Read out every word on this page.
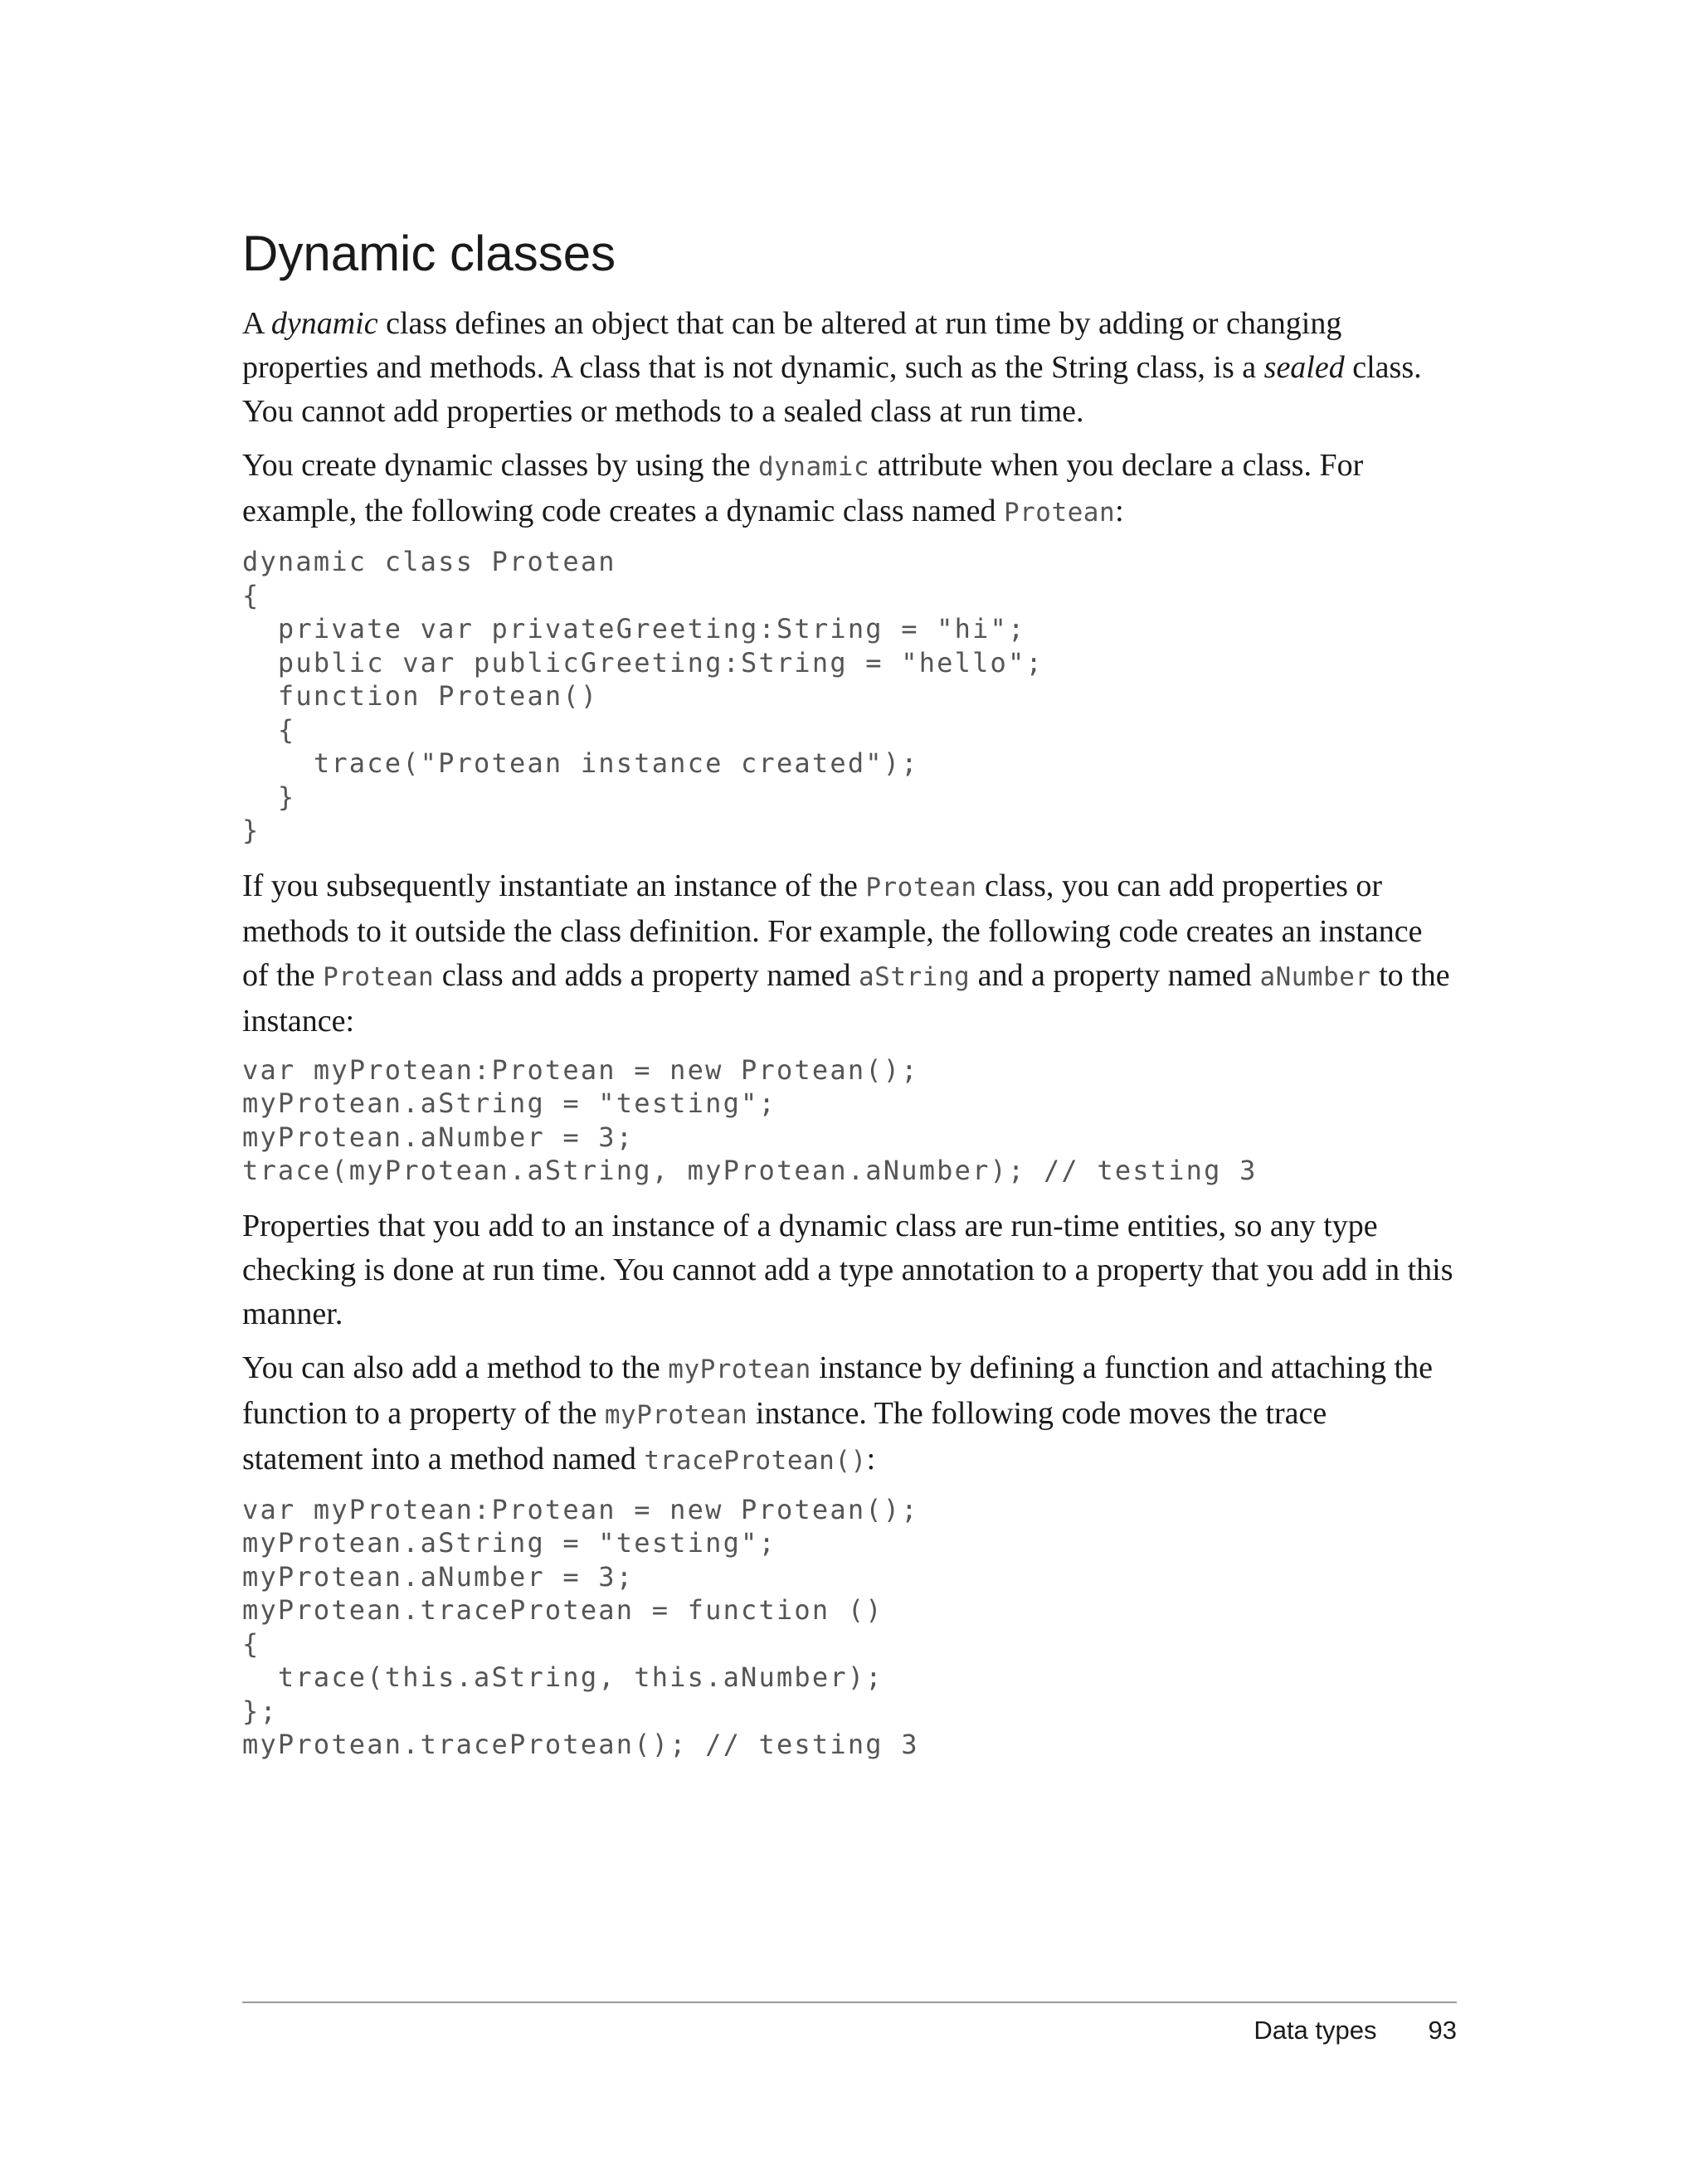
Dynamic classes

A dynamic class defines an object that can be altered at run time by adding or changing properties and methods. A class that is not dynamic, such as the String class, is a sealed class. You cannot add properties or methods to a sealed class at run time.

You create dynamic classes by using the dynamic attribute when you declare a class. For example, the following code creates a dynamic class named Protean:

dynamic class Protean
{
private var privateGreeting:String = "hi";
public var publicGreeting:String = "hello";
function Protean()
{
trace("Protean instance created");
}
}

If you subsequently instantiate an instance of the Protean class, you can add properties or methods to it outside the class definition. For example, the following code creates an instance of the Protean class and adds a property named aString and a property named aNumber to the instance:

var myProtean:Protean = new Protean();
myProtean.aString = "testing";
myProtean.aNumber = 3;
trace(myProtean.aString, myProtean.aNumber); // testing 3

Properties that you add to an instance of a dynamic class are run-time entities, so any type checking is done at run time. You cannot add a type annotation to a property that you add in this manner.

You can also add a method to the myProtean instance by defining a function and attaching the function to a property of the myProtean instance. The following code moves the trace statement into a method named traceProtean():

var myProtean:Protean = new Protean();
myProtean.aString = "testing";
myProtean.aNumber = 3;
myProtean.traceProtean = function ()
{
trace(this.aString, this.aNumber);
};
myProtean.traceProtean(); // testing 3
Data types 93
